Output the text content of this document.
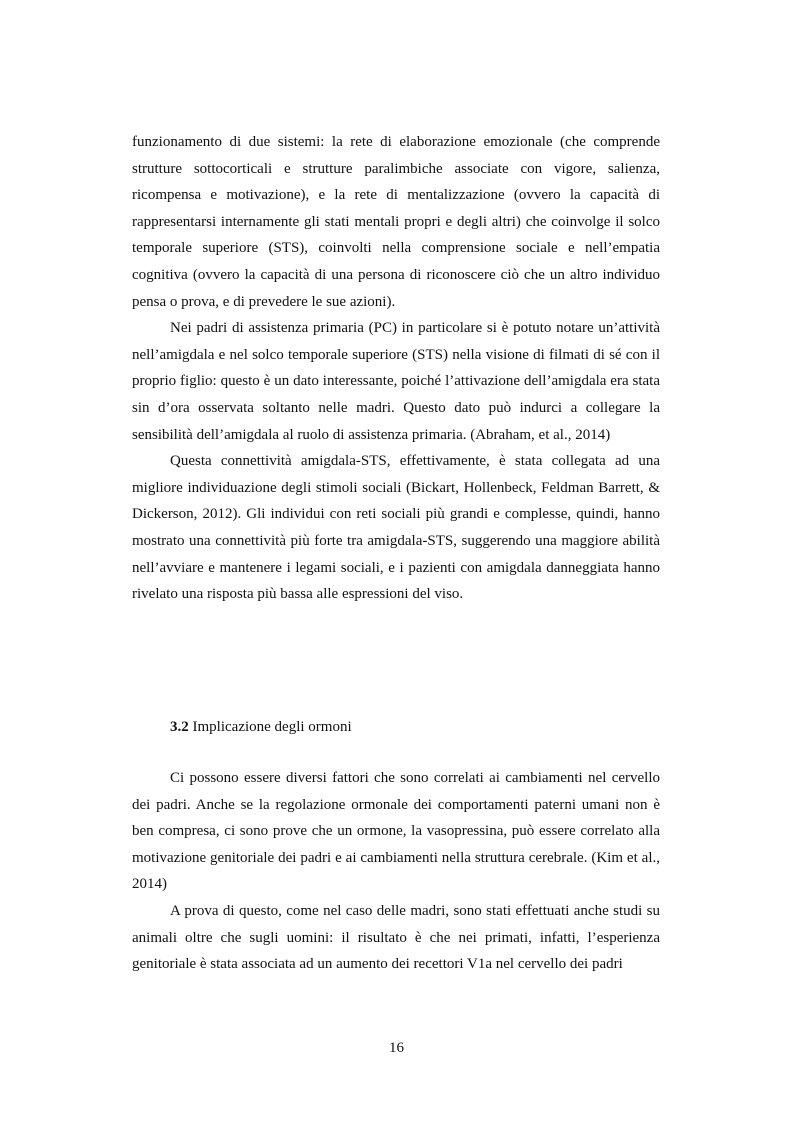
funzionamento di due sistemi: la rete di elaborazione emozionale (che comprende strutture sottocorticali e strutture paralimbiche associate con vigore, salienza, ricompensa e motivazione), e la rete di mentalizzazione (ovvero la capacità di rappresentarsi internamente gli stati mentali propri e degli altri) che coinvolge il solco temporale superiore (STS), coinvolti nella comprensione sociale e nell’empatia cognitiva (ovvero la capacità di una persona di riconoscere ciò che un altro individuo pensa o prova, e di prevedere le sue azioni).

Nei padri di assistenza primaria (PC) in particolare si è potuto notare un’attività nell’amigdala e nel solco temporale superiore (STS) nella visione di filmati di sé con il proprio figlio: questo è un dato interessante, poiché l’attivazione dell’amigdala era stata sin d’ora osservata soltanto nelle madri. Questo dato può indurci a collegare la sensibilità dell’amigdala al ruolo di assistenza primaria. (Abraham, et al., 2014)

Questa connettività amigdala-STS, effettivamente, è stata collegata ad una migliore individuazione degli stimoli sociali (Bickart, Hollenbeck, Feldman Barrett, & Dickerson, 2012). Gli individui con reti sociali più grandi e complesse, quindi, hanno mostrato una connettività più forte tra amigdala-STS, suggerendo una maggiore abilità nell’avviare e mantenere i legami sociali, e i pazienti con amigdala danneggiata hanno rivelato una risposta più bassa alle espressioni del viso.

3.2 Implicazione degli ormoni

Ci possono essere diversi fattori che sono correlati ai cambiamenti nel cervello dei padri. Anche se la regolazione ormonale dei comportamenti paterni umani non è ben compresa, ci sono prove che un ormone, la vasopressina, può essere correlato alla motivazione genitoriale dei padri e ai cambiamenti nella struttura cerebrale. (Kim et al., 2014)

A prova di questo, come nel caso delle madri, sono stati effettuati anche studi su animali oltre che sugli uomini: il risultato è che nei primati, infatti, l’esperienza genitoriale è stata associata ad un aumento dei recettori V1a nel cervello dei padri

16
